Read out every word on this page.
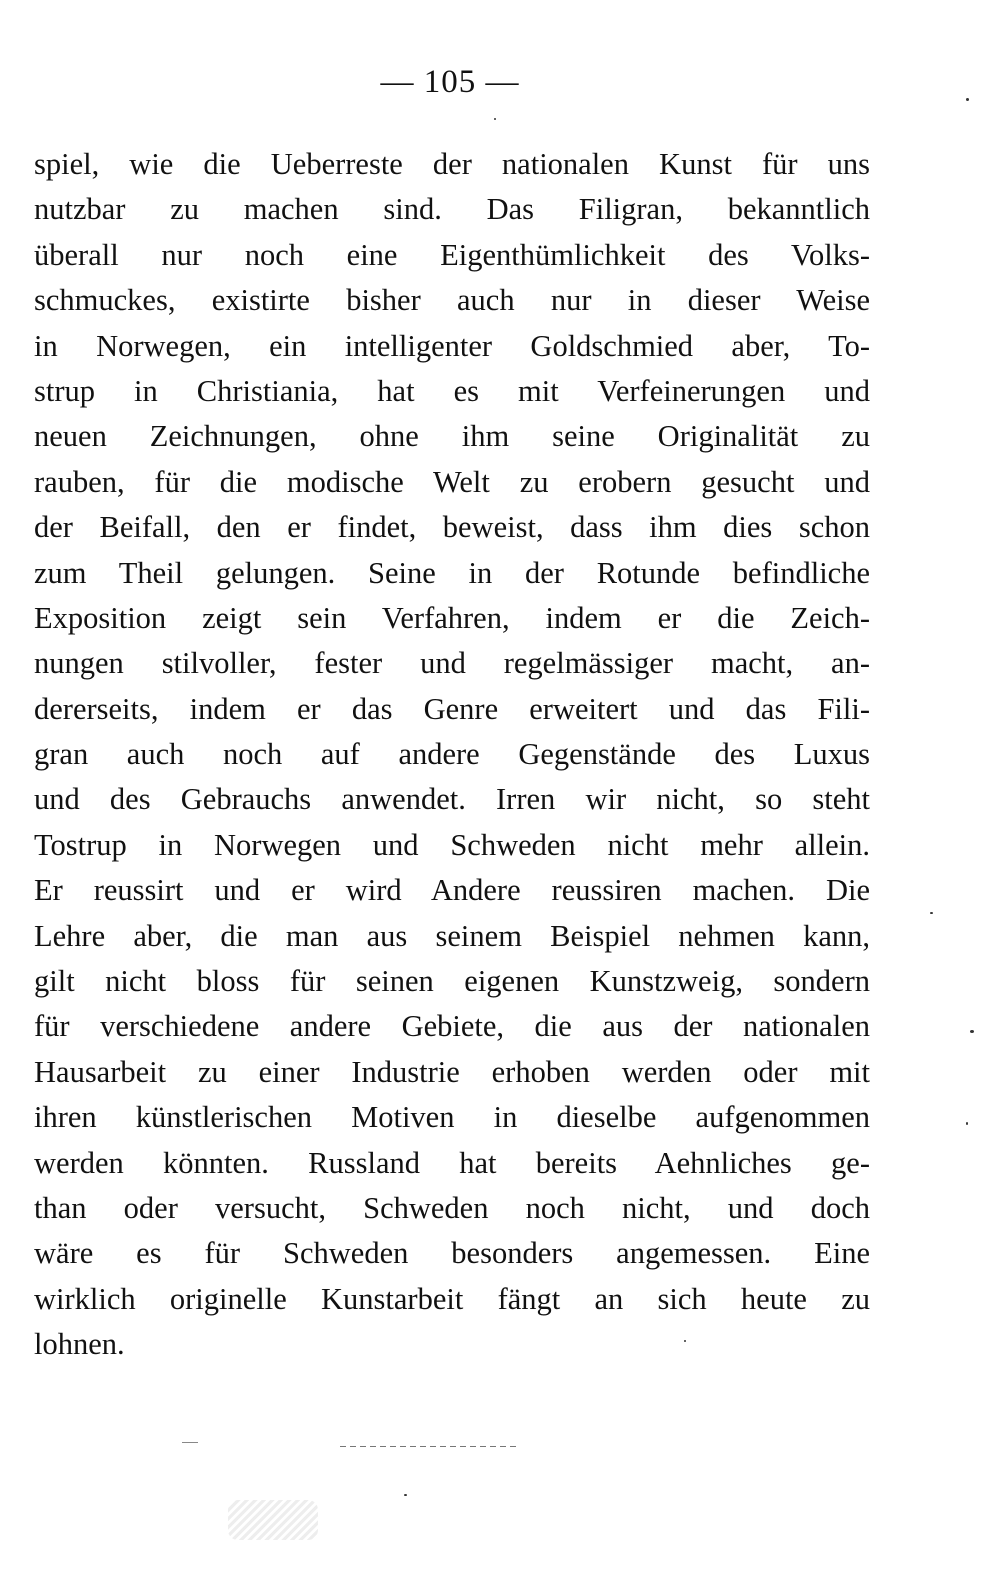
— 105 —
spiel, wie die Ueberreste der nationalen Kunst für uns
nutzbar zu machen sind. Das Filigran, bekanntlich
überall nur noch eine Eigenthümlichkeit des Volks-
schmuckes, existirte bisher auch nur in dieser Weise
in Norwegen, ein intelligenter Goldschmied aber, To-
strup in Christiania, hat es mit Verfeinerungen und
neuen Zeichnungen, ohne ihm seine Originalität zu
rauben, für die modische Welt zu erobern gesucht und
der Beifall, den er findet, beweist, dass ihm dies schon
zum Theil gelungen. Seine in der Rotunde befindliche
Exposition zeigt sein Verfahren, indem er die Zeich-
nungen stilvoller, fester und regelmässiger macht, an-
dererseits, indem er das Genre erweitert und das Fili-
gran auch noch auf andere Gegenstände des Luxus
und des Gebrauchs anwendet. Irren wir nicht, so steht
Tostrup in Norwegen und Schweden nicht mehr allein.
Er reussirt und er wird Andere reussiren machen. Die
Lehre aber, die man aus seinem Beispiel nehmen kann,
gilt nicht bloss für seinen eigenen Kunstzweig, sondern
für verschiedene andere Gebiete, die aus der nationalen
Hausarbeit zu einer Industrie erhoben werden oder mit
ihren künstlerischen Motiven in dieselbe aufgenommen
werden könnten. Russland hat bereits Aehnliches ge-
than oder versucht, Schweden noch nicht, und doch
wäre es für Schweden besonders angemessen. Eine
wirklich originelle Kunstarbeit fängt an sich heute zu
lohnen.
